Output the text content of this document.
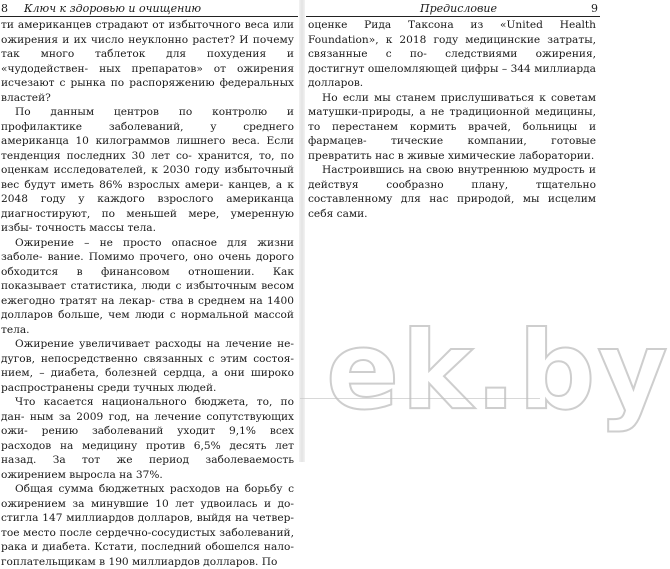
8 Ключ к здоровью и очищению

ти американцев страдают от избыточного веса или ожирения и их число неуклонно растет? И почему так много таблеток для похудения и «чудодействен- ных препаратов» от ожирения исчезают с рынка по распоряжению федеральных властей?

По данным центров по контролю и профилактике	заболеваний, у среднего американца 10 килограммов лишнего веса. Если тенденция последних 30 лет со- хранится, то, по оценкам исследователей, к 2030 году избыточный вес будут иметь 86% взрослых амери- канцев, а к 2048 году у каждого взрослого американца диагностируют, по меньшей мере, умеренную избы- точность массы тела.

Ожирение – не просто опасное для жизни заболе- вание. Помимо прочего, оно очень дорого обходится в финансовом отношении. Как показывает статистика, люди с избыточным весом ежегодно тратят на лекар- ства в среднем на 1400 долларов больше, чем люди с нормальной массой тела.

Ожирение увеличивает расходы на лечение не- дугов, непосредственно связанных с этим состоя- нием, – диабета, болезней сердца, а они широко распространены среди тучных людей.

Что касается национального бюджета, то, по дан- ным за 2009 год, на лечение сопутствующих ожи- рению заболеваний уходит 9,1% всех расходов на медицину против 6,5% десять лет назад. За тот же период заболеваемость ожирением выросла на 37%.

Общая сумма бюджетных расходов на борьбу с ожирением за минувшие 10 лет удвоилась и до- стигла 147 миллиардов долларов, выйдя на четвер- тое место после сердечно-сосудистых заболеваний, рака и диабета. Кстати, последний обошелся нало- гоплательщикам в 190 миллиардов долларов. По

Предисловие	9

оценке Рида Таксона из «United Health Foundation», к 2018 году медицинские затраты, связанные с по- следствиями ожирения, достигнут ошеломляющей цифры – 344 миллиарда долларов.

Но если мы станем прислушиваться к советам матушки-природы, а не традиционной медицины, то перестанем кормить врачей, больницы и фармацев- тические компании, готовые превратить нас в живые химические лаборатории.

Настроившись на свою внутреннюю мудрость и действуя сообразно плану, тщательно составленному для нас природой, мы исцелим себя сами.

ek.by
